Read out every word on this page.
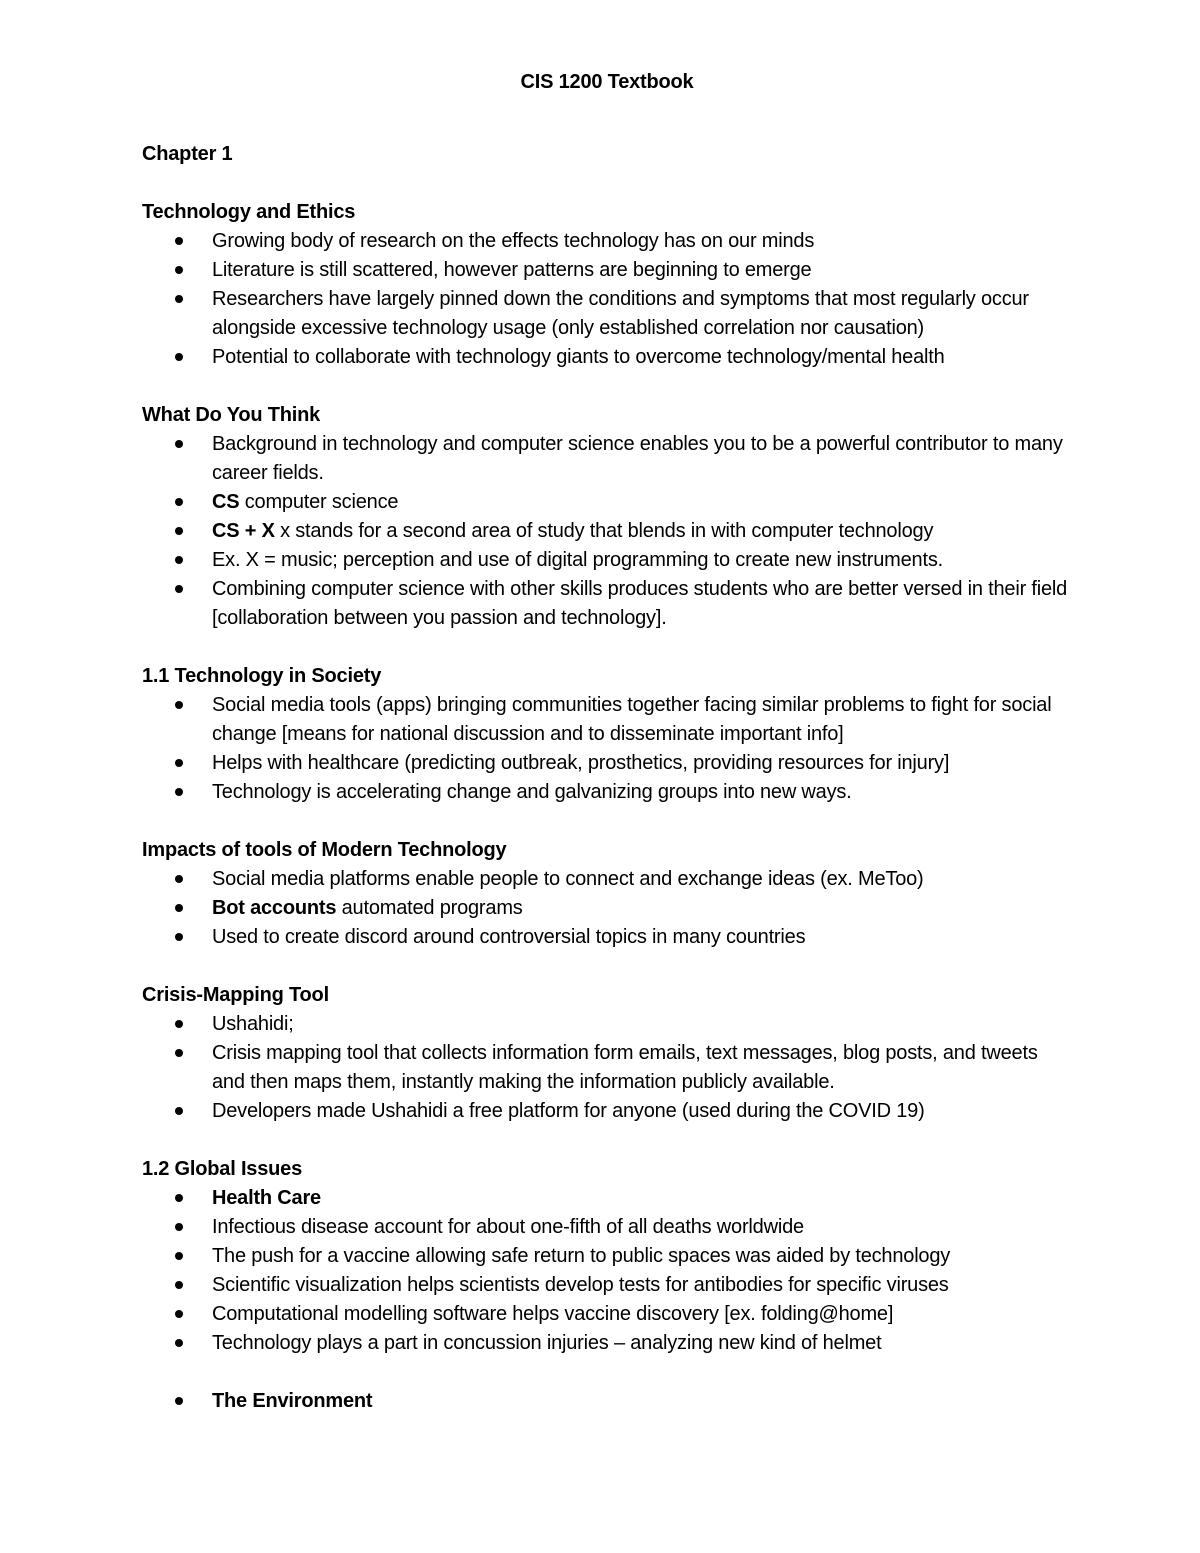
CIS 1200 Textbook
Chapter 1
Technology and Ethics
Growing body of research on the effects technology has on our minds
Literature is still scattered, however patterns are beginning to emerge
Researchers have largely pinned down the conditions and symptoms that most regularly occur alongside excessive technology usage (only established correlation nor causation)
Potential to collaborate with technology giants to overcome technology/mental health
What Do You Think
Background in technology and computer science enables you to be a powerful contributor to many career fields.
CS computer science
CS + X x stands for a second area of study that blends in with computer technology
Ex. X = music; perception and use of digital programming to create new instruments.
Combining computer science with other skills produces students who are better versed in their field [collaboration between you passion and technology].
1.1 Technology in Society
Social media tools (apps) bringing communities together facing similar problems to fight for social change [means for national discussion and to disseminate important info]
Helps with healthcare (predicting outbreak, prosthetics, providing resources for injury]
Technology is accelerating change and galvanizing groups into new ways.
Impacts of tools of Modern Technology
Social media platforms enable people to connect and exchange ideas (ex. MeToo)
Bot accounts automated programs
Used to create discord around controversial topics in many countries
Crisis-Mapping Tool
Ushahidi;
Crisis mapping tool that collects information form emails, text messages, blog posts, and tweets and then maps them, instantly making the information publicly available.
Developers made Ushahidi a free platform for anyone (used during the COVID 19)
1.2 Global Issues
Health Care
Infectious disease account for about one-fifth of all deaths worldwide
The push for a vaccine allowing safe return to public spaces was aided by technology
Scientific visualization helps scientists develop tests for antibodies for specific viruses
Computational modelling software helps vaccine discovery [ex. folding@home]
Technology plays a part in concussion injuries – analyzing new kind of helmet
The Environment
